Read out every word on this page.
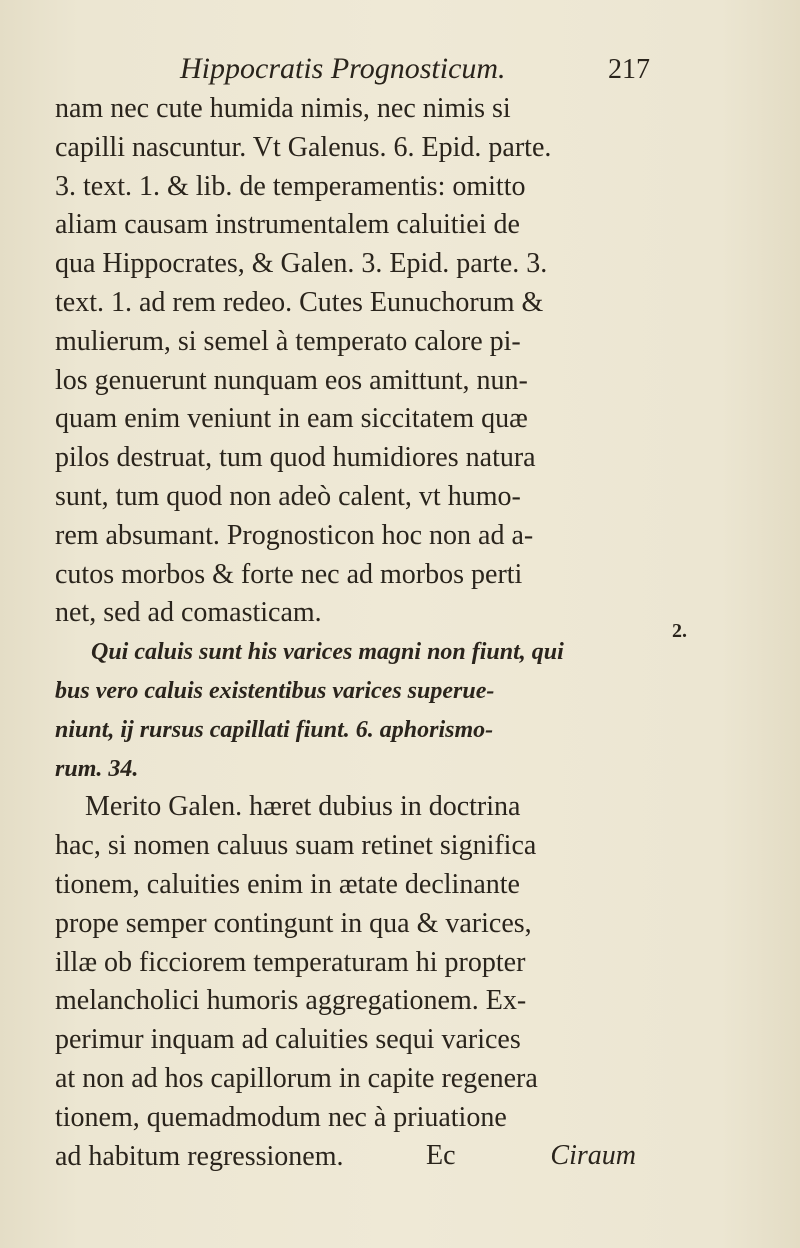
Hippocratis Prognosticum.	217
nam nec cute humida nimis, nec nimis si
capilli nascuntur. Vt Galenus. 6. Epid. parte.
3. text. 1. & lib. de temperamentis: omitto
aliam causam instrumentalem caluitiei de
qua Hippocrates, & Galen. 3. Epid. parte. 3.
text. 1. ad rem redeo. Cutes Eunuchorum &
mulierum, si semel à temperato calore pi-
los genuerunt nunquam eos amittunt, nun-
quam enim veniunt in eam siccitatem quæ
pilos destruat, tum quod humidiores natura
sunt, tum quod non adeò calent, vt humo-
rem absumant. Prognosticon hoc non ad a-
cutos morbos & forte nec ad morbos perti
net, sed ad comasticam.
Qui caluis sunt his varices magni non fiunt, qui
bus vero caluis existentibus varices superue-
niunt, ij rursus capillati fiunt. 6. aphorismo-
rum. 34.
Merito Galen. hæret dubius in doctrina
hac, si nomen caluus suam retinet significa
tionem, caluities enim in ætate declinante
prope semper contingunt in qua & varices,
illæ ob ficciorem temperaturam hi propter
melancholici humoris aggregationem. Ex-
perimur inquam ad caluities sequi varices
at non ad hos capillorum in capite regenera
tionem, quemadmodum nec à priuatione
ad habitum regressionem.
2.
Ec	Ciraum
